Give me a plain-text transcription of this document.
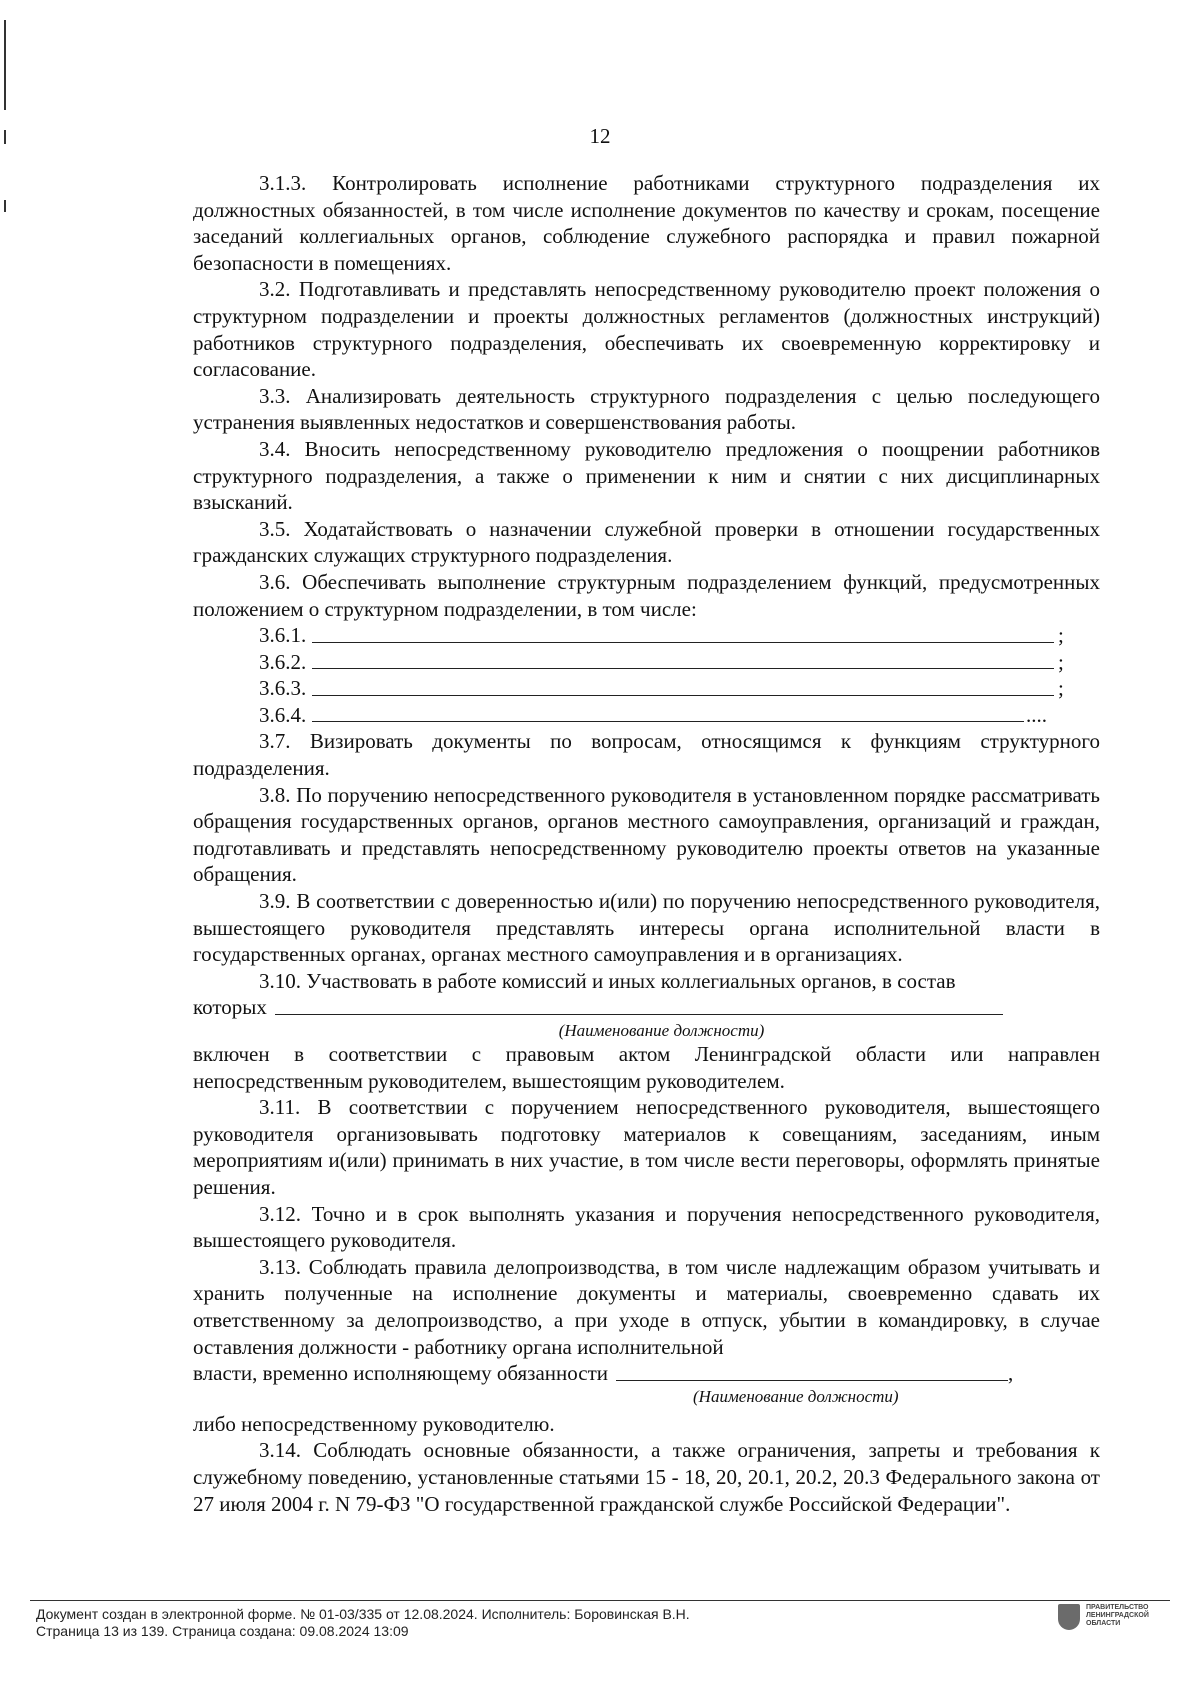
12

3.1.3. Контролировать исполнение работниками структурного подразделения их должностных обязанностей, в том числе исполнение документов по качеству и срокам, посещение заседаний коллегиальных органов, соблюдение служебного распорядка и правил пожарной безопасности в помещениях.

3.2. Подготавливать и представлять непосредственному руководителю проект положения о структурном подразделении и проекты должностных регламентов (должностных инструкций) работников структурного подразделения, обеспечивать их своевременную корректировку и согласование.

3.3. Анализировать деятельность структурного подразделения с целью последующего устранения выявленных недостатков и совершенствования работы.

3.4. Вносить непосредственному руководителю предложения о поощрении работников структурного подразделения, а также о применении к ним и снятии с них дисциплинарных взысканий.

3.5. Ходатайствовать о назначении служебной проверки в отношении государственных гражданских служащих структурного подразделения.

3.6. Обеспечивать выполнение структурным подразделением функций, предусмотренных положением о структурном подразделении, в том числе:

3.6.1.	;
3.6.2.	;
3.6.3.	;
3.6.4.	....

3.7. Визировать документы по вопросам, относящимся к функциям структурного подразделения.

3.8. По поручению непосредственного руководителя в установленном порядке рассматривать обращения государственных органов, органов местного самоуправления, организаций и граждан, подготавливать и представлять непосредственному руководителю проекты ответов на указанные обращения.

3.9. В соответствии с доверенностью и(или) по поручению непосредственного руководителя, вышестоящего руководителя представлять интересы органа исполнительной власти в государственных органах, органах местного самоуправления и в организациях.

3.10. Участвовать в работе комиссий и иных коллегиальных органов, в состав

которых
(Наименование должности)

включен в соответствии с правовым актом Ленинградской области или направлен непосредственным руководителем, вышестоящим руководителем.

3.11. В соответствии с поручением непосредственного руководителя, вышестоящего руководителя организовывать подготовку материалов к совещаниям, заседаниям, иным мероприятиям и(или) принимать в них участие, в том числе вести переговоры, оформлять принятые решения.

3.12. Точно и в срок выполнять указания и поручения непосредственного руководителя, вышестоящего руководителя.

3.13. Соблюдать правила делопроизводства, в том числе надлежащим образом учитывать и хранить полученные на исполнение документы и материалы, своевременно сдавать их ответственному за делопроизводство, а при уходе в отпуск, убытии в командировку, в случае оставления должности - работнику органа исполнительной

власти, временно исполняющему обязанности	,
(Наименование должности)

либо непосредственному руководителю.

3.14. Соблюдать основные обязанности, а также ограничения, запреты и требования к служебному поведению, установленные статьями 15 - 18, 20, 20.1, 20.2, 20.3 Федерального закона от 27 июля 2004 г. N 79-ФЗ "О государственной гражданской службе Российской Федерации".

Документ создан в электронной форме. № 01-03/335 от 12.08.2024. Исполнитель: Боровинская В.Н.
Страница 13 из 139. Страница создана: 09.08.2024 13:09
ПРАВИТЕЛЬСТВО
ЛЕНИНГРАДСКОЙ
ОБЛАСТИ
